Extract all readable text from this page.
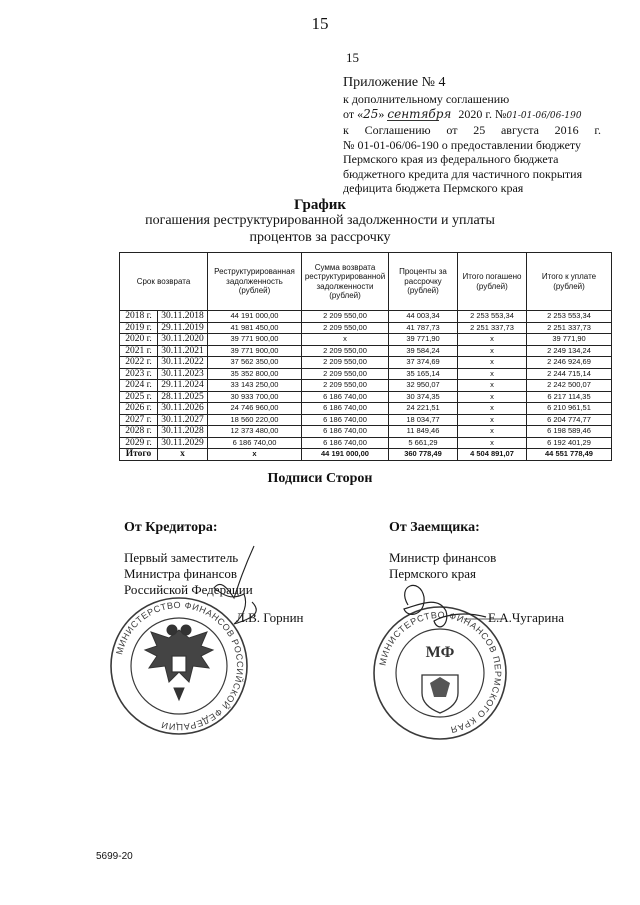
15
15
Приложение № 4
к дополнительному соглашению
от «25» сентября 2020 г. №01-01-06/06-190
к Соглашению от 25 августа 2016 г.
№ 01-01-06/06-190 о предоставлении бюджету
Пермского края из федерального бюджета
бюджетного кредита для частичного покрытия
дефицита бюджета Пермского края
График
погашения реструктурированной задолженности и уплаты процентов за рассрочку
Срок возврата		Реструктурированная задолженность (рублей)	Сумма возврата реструктурированной задолженности (рублей)	Проценты за рассрочку (рублей)	Итого погашено (рублей)	Итого к уплате (рублей)
2018 г.	30.11.2018	44 191 000,00	2 209 550,00	44 003,34	2 253 553,34	2 253 553,34
2019 г.	29.11.2019	41 981 450,00	2 209 550,00	41 787,73	2 251 337,73	2 251 337,73
2020 г.	30.11.2020	39 771 900,00	x	39 771,90	x	39 771,90
2021 г.	30.11.2021	39 771 900,00	2 209 550,00	39 584,24	x	2 249 134,24
2022 г.	30.11.2022	37 562 350,00	2 209 550,00	37 374,69	x	2 246 924,69
2023 г.	30.11.2023	35 352 800,00	2 209 550,00	35 165,14	x	2 244 715,14
2024 г.	29.11.2024	33 143 250,00	2 209 550,00	32 950,07	x	2 242 500,07
2025 г.	28.11.2025	30 933 700,00	6 186 740,00	30 374,35	x	6 217 114,35
2026 г.	30.11.2026	24 746 960,00	6 186 740,00	24 221,51	x	6 210 961,51
2027 г.	30.11.2027	18 560 220,00	6 186 740,00	18 034,77	x	6 204 774,77
2028 г.	30.11.2028	12 373 480,00	6 186 740,00	11 849,46	x	6 198 589,46
2029 г.	30.11.2029	6 186 740,00	6 186 740,00	5 661,29	x	6 192 401,29
Итого	x	x	44 191 000,00	360 778,49	4 504 891,07	44 551 778,49
Подписи Сторон
От Кредитора:
Первый заместитель
Министра финансов
Российской Федерации
Л.В. Горнин
От Заемщика:
Министр финансов
Пермского края
Е.А.Чугарина
МИНИСТЕРСТВО ФИНАНСОВ РОССИЙСКОЙ ФЕДЕРАЦИИ
МИНИСТЕРСТВО ФИНАНСОВ ПЕРМСКОГО КРАЯ
МФ
5699-20
